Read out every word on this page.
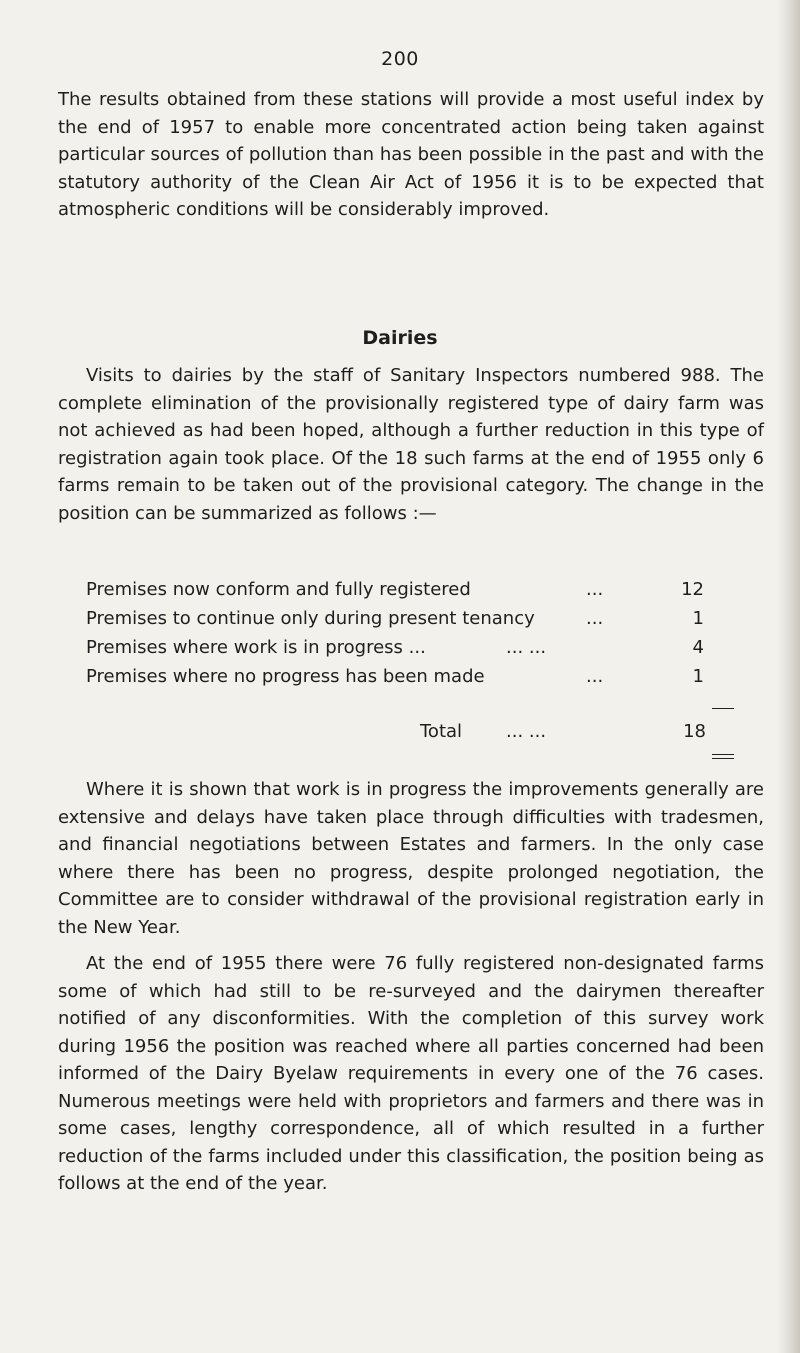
200

The results obtained from these stations will provide a most useful index by the end of 1957 to enable more concentrated action being taken against particular sources of pollution than has been possible in the past and with the statutory authority of the Clean Air Act of 1956 it is to be expected that atmospheric conditions will be considerably improved.

Dairies

Visits to dairies by the staff of Sanitary Inspectors numbered 988. The complete elimination of the provisionally registered type of dairy farm was not achieved as had been hoped, although a further reduction in this type of registration again took place. Of the 18 such farms at the end of 1955 only 6 farms remain to be taken out of the provisional category. The change in the position can be summarized as follows :—

Premises now conform and fully registered	...	12
Premises to continue only during present tenancy	...	1
Premises where work is in progress ...	... ...	4
Premises where no progress has been made	...	1
Total ... ...	18

Where it is shown that work is in progress the improvements generally are extensive and delays have taken place through difficulties with tradesmen, and financial negotiations between Estates and farmers. In the only case where there has been no progress, despite prolonged negotiation, the Committee are to consider withdrawal of the provisional registration early in the New Year.

At the end of 1955 there were 76 fully registered non-designated farms some of which had still to be re-surveyed and the dairymen thereafter notified of any disconformities. With the completion of this survey work during 1956 the position was reached where all parties concerned had been informed of the Dairy Byelaw requirements in every one of the 76 cases. Numerous meetings were held with proprietors and farmers and there was in some cases, lengthy correspondence, all of which resulted in a further reduction of the farms included under this classification, the position being as follows at the end of the year.
